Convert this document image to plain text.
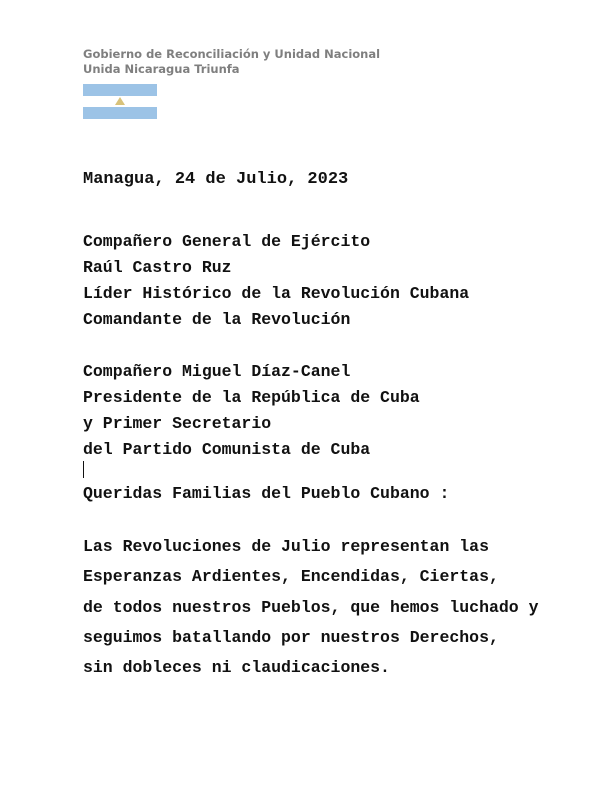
Gobierno de Reconciliación y Unidad Nacional
Unida Nicaragua Triunfa
Managua, 24 de Julio, 2023
Compañero General de Ejército
Raúl Castro Ruz
Líder Histórico de la Revolución Cubana
Comandante de la Revolución
Compañero Miguel Díaz-Canel
Presidente de la República de Cuba
y Primer Secretario
del Partido Comunista de Cuba
Queridas Familias del Pueblo Cubano :
Las Revoluciones de Julio representan las
Esperanzas Ardientes, Encendidas, Ciertas,
de todos nuestros Pueblos, que hemos luchado y
seguimos batallando por nuestros Derechos,
sin dobleces ni claudicaciones.
